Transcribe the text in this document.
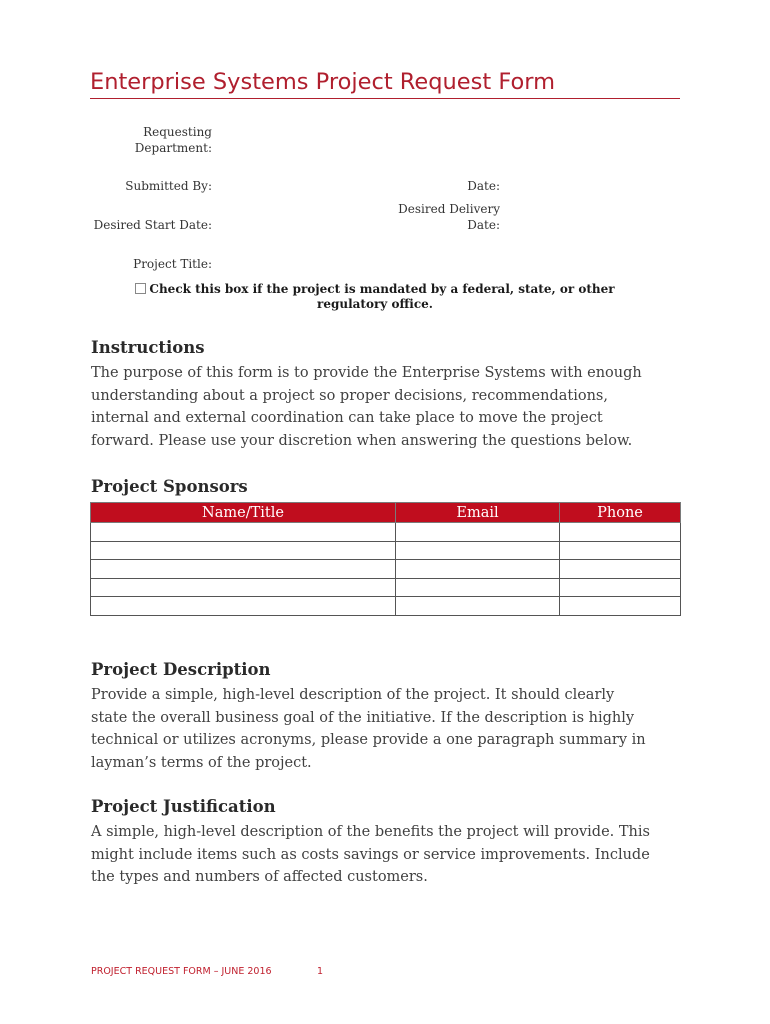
Enterprise Systems Project Request Form
Requesting
Department:
Submitted By:	Date:
Desired Start Date:
Desired Delivery
Date:
Project Title:
Check this box if the project is mandated by a federal, state, or other
regulatory office.
Instructions
The purpose of this form is to provide the Enterprise Systems with enough
understanding about a project so proper decisions, recommendations,
internal and external coordination can take place to move the project
forward. Please use your discretion when answering the questions below.
Project Sponsors
Name/Title	Email	Phone

Project Description
Provide a simple, high-level description of the project. It should clearly
state the overall business goal of the initiative. If the description is highly
technical or utilizes acronyms, please provide a one paragraph summary in
layman’s terms of the project.
Project Justification
A simple, high-level description of the benefits the project will provide. This
might include items such as costs savings or service improvements. Include
the types and numbers of affected customers.
PROJECT REQUEST FORM – JUNE 2016	1
